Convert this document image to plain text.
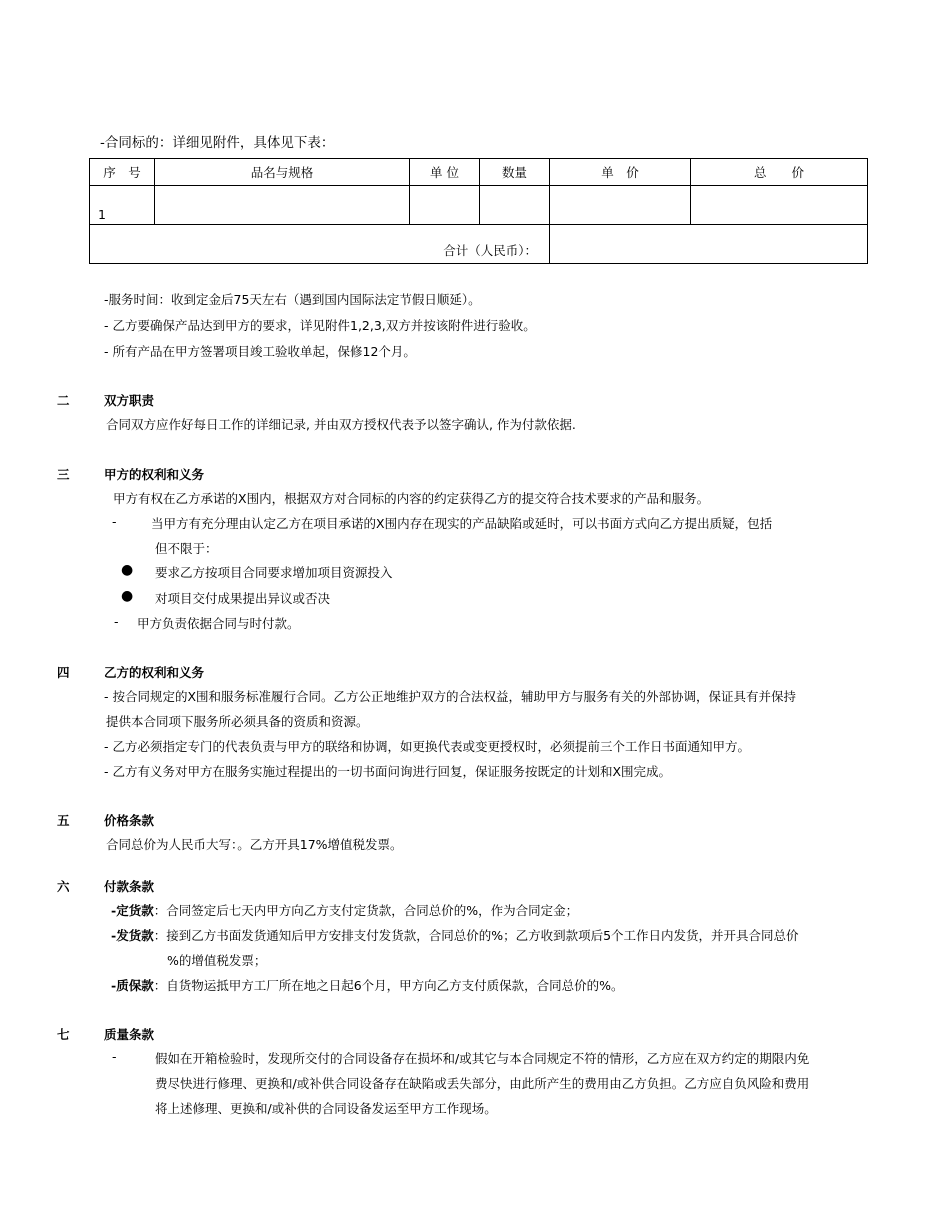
-合同标的：详细见附件，具体见下表：
序　号	品名与规格	单 位	数量	单　价	总　　价
1					
合计（人民币）：					
-服务时间：收到定金后75天左右（遇到国内国际法定节假日顺延）。
- 乙方要确保产品达到甲方的要求，详见附件1,2,3,双方并按该附件进行验收。
- 所有产品在甲方签署项目竣工验收单起，保修12个月。
二	双方职责
合同双方应作好每日工作的详细记录, 并由双方授权代表予以签字确认, 作为付款依据.
三	甲方的权利和义务
甲方有权在乙方承诺的X围内，根据双方对合同标的内容的约定获得乙方的提交符合技术要求的产品和服务。
-	当甲方有充分理由认定乙方在项目承诺的X围内存在现实的产品缺陷或延时，可以书面方式向乙方提出质疑，包括
但不限于：
● 要求乙方按项目合同要求增加项目资源投入
● 对项目交付成果提出异议或否决
- 甲方负责依据合同与时付款。
四	乙方的权利和义务
- 按合同规定的X围和服务标准履行合同。乙方公正地维护双方的合法权益，辅助甲方与服务有关的外部协调，保证具有并保持
提供本合同项下服务所必须具备的资质和资源。
- 乙方必须指定专门的代表负责与甲方的联络和协调，如更换代表或变更授权时，必须提前三个工作日书面通知甲方。
- 乙方有义务对甲方在服务实施过程提出的一切书面问询进行回复，保证服务按既定的计划和X围完成。
五	价格条款
合同总价为人民币大写：。乙方开具17%增值税发票。
六	付款条款
-定货款：合同签定后七天内甲方向乙方支付定货款，合同总价的%，作为合同定金；
-发货款：接到乙方书面发货通知后甲方安排支付发货款，合同总价的%；乙方收到款项后5个工作日内发货，并开具合同总价
%的增值税发票；
-质保款：自货物运抵甲方工厂所在地之日起6个月，甲方向乙方支付质保款，合同总价的%。
七	质量条款
-	假如在开箱检验时，发现所交付的合同设备存在损坏和/或其它与本合同规定不符的情形，乙方应在双方约定的期限内免
费尽快进行修理、更换和/或补供合同设备存在缺陷或丢失部分，由此所产生的费用由乙方负担。乙方应自负风险和费用
将上述修理、更换和/或补供的合同设备发运至甲方工作现场。
